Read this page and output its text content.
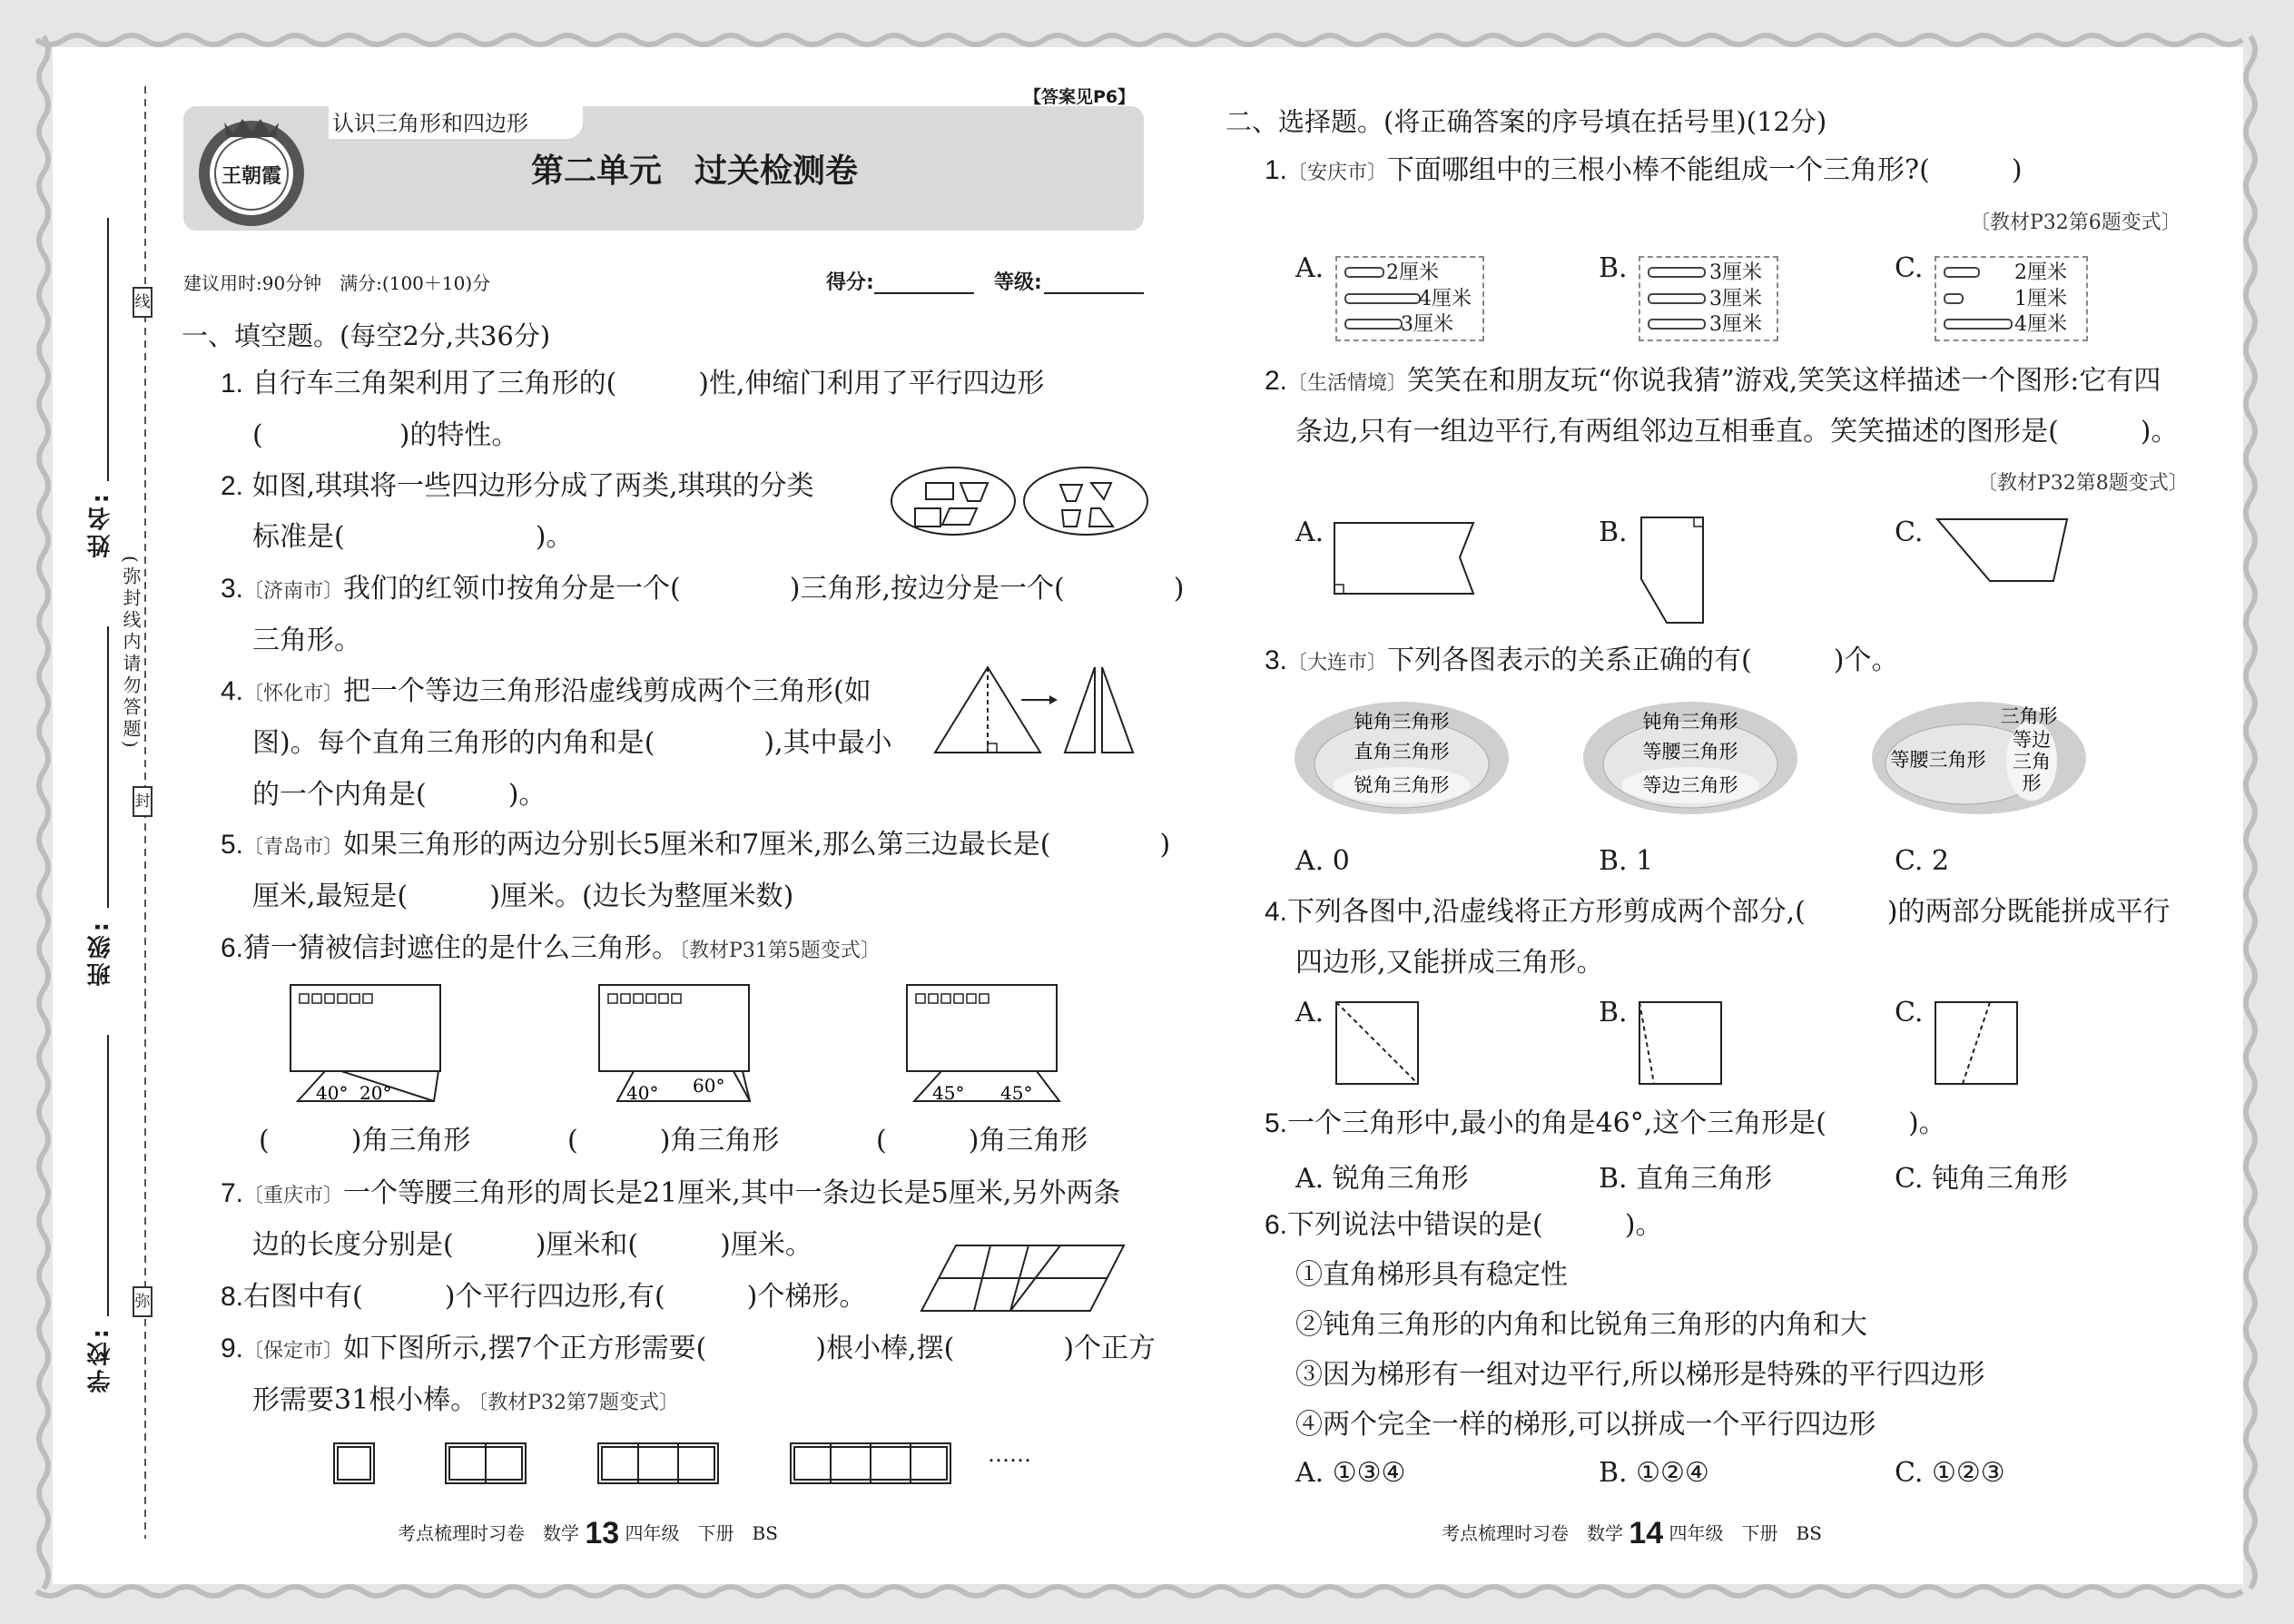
线
封
弥
(弥封线内请勿答题)
姓名:
班级:
学校:
认识三角形和四边形
【答案见P6】
第二单元　过关检测卷
王朝霞
建议用时:90分钟　满分:(100＋10)分	得分:	等级:
一、填空题。(每空2分,共36分)
1. 自行车三角架利用了三角形的(　　　)性,伸缩门利用了平行四边形
(　　　　　)的特性。
2. 如图,琪琪将一些四边形分成了两类,琪琪的分类
标准是(　　　　　　　)。
3.〔济南市〕我们的红领巾按角分是一个(　　　　)三角形,按边分是一个(　　　　)
三角形。
4.〔怀化市〕把一个等边三角形沿虚线剪成两个三角形(如
图)。每个直角三角形的内角和是(　　　　),其中最小
的一个内角是(　　　)。
5.〔青岛市〕如果三角形的两边分别长5厘米和7厘米,那么第三边最长是(　　　　)
厘米,最短是(　　　)厘米。(边长为整厘米数)
6.猜一猜被信封遮住的是什么三角形。〔教材P31第5题变式〕
40° 20°	40° 60°	45° 45°
(　　　)角三角形	(　　　)角三角形	(　　　)角三角形
7.〔重庆市〕一个等腰三角形的周长是21厘米,其中一条边长是5厘米,另外两条
边的长度分别是(　　　)厘米和(　　　)厘米。
8.右图中有(　　　)个平行四边形,有(　　　)个梯形。
9.〔保定市〕如下图所示,摆7个正方形需要(　　　　)根小棒,摆(　　　　)个正方
形需要31根小棒。〔教材P32第7题变式〕
……
考点梳理时习卷　数学 13 四年级　下册　BS
二、选择题。(将正确答案的序号填在括号里)(12分)
1.〔安庆市〕下面哪组中的三根小棒不能组成一个三角形?(　　　)
〔教材P32第6题变式〕
A.	2厘米
4厘米
3厘米
B.	3厘米
3厘米
3厘米
C.	2厘米
1厘米
4厘米
2.〔生活情境〕笑笑在和朋友玩“你说我猜”游戏,笑笑这样描述一个图形:它有四
条边,只有一组边平行,有两组邻边互相垂直。笑笑描述的图形是(　　　)。
〔教材P32第8题变式〕
A.	B.	C.
3.〔大连市〕下列各图表示的关系正确的有(　　　)个。
钝角三角形
直角三角形
锐角三角形
钝角三角形
等腰三角形
等边三角形
三角形
等腰三角形
等边三角形
A. 0	B. 1	C. 2
4.下列各图中,沿虚线将正方形剪成两个部分,(　　　)的两部分既能拼成平行
四边形,又能拼成三角形。
A.	B.	C.
5.一个三角形中,最小的角是46°,这个三角形是(　　　)。
A. 锐角三角形	B. 直角三角形	C. 钝角三角形
6.下列说法中错误的是(　　　)。
①直角梯形具有稳定性
②钝角三角形的内角和比锐角三角形的内角和大
③因为梯形有一组对边平行,所以梯形是特殊的平行四边形
④两个完全一样的梯形,可以拼成一个平行四边形
A. ①③④	B. ①②④	C. ①②③
考点梳理时习卷　数学 14 四年级　下册　BS
